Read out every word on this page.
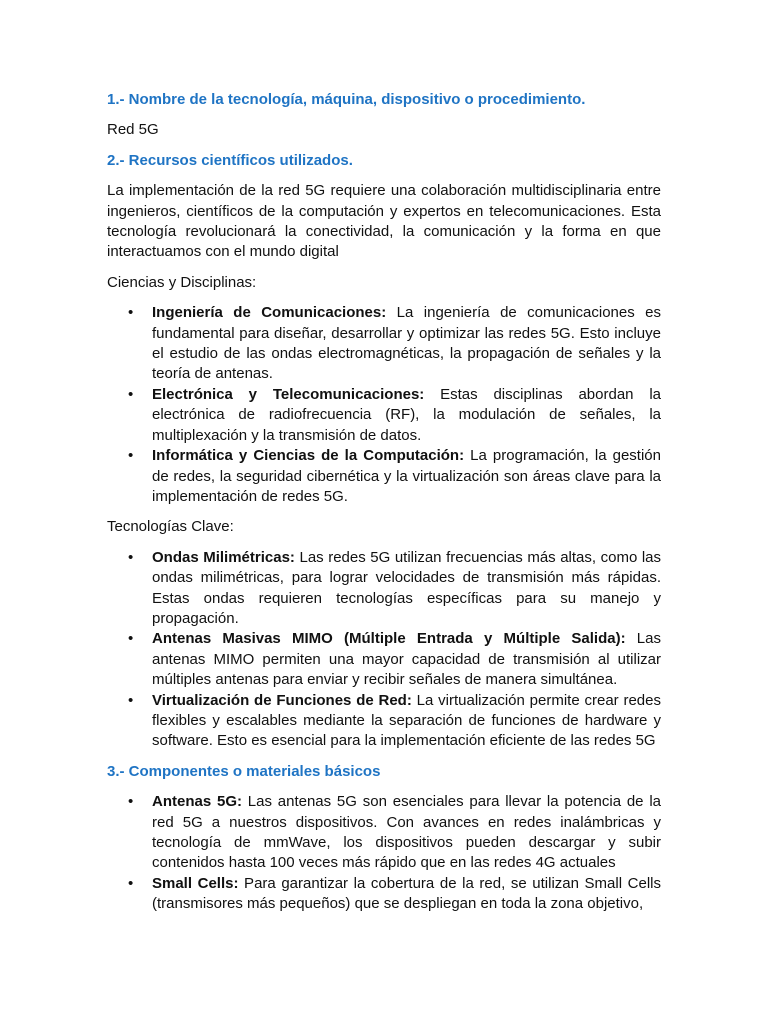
1.- Nombre de la tecnología, máquina, dispositivo o procedimiento.

Red 5G

2.- Recursos científicos utilizados.

La implementación de la red 5G requiere una colaboración multidisciplinaria entre ingenieros, científicos de la computación y expertos en telecomunicaciones. Esta tecnología revolucionará la conectividad, la comunicación y la forma en que interactuamos con el mundo digital

Ciencias y Disciplinas:

• Ingeniería de Comunicaciones: La ingeniería de comunicaciones es fundamental para diseñar, desarrollar y optimizar las redes 5G. Esto incluye el estudio de las ondas electromagnéticas, la propagación de señales y la teoría de antenas.
• Electrónica y Telecomunicaciones: Estas disciplinas abordan la electrónica de radiofrecuencia (RF), la modulación de señales, la multiplexación y la transmisión de datos.
• Informática y Ciencias de la Computación: La programación, la gestión de redes, la seguridad cibernética y la virtualización son áreas clave para la implementación de redes 5G.

Tecnologías Clave:

• Ondas Milimétricas: Las redes 5G utilizan frecuencias más altas, como las ondas milimétricas, para lograr velocidades de transmisión más rápidas. Estas ondas requieren tecnologías específicas para su manejo y propagación.
• Antenas Masivas MIMO (Múltiple Entrada y Múltiple Salida): Las antenas MIMO permiten una mayor capacidad de transmisión al utilizar múltiples antenas para enviar y recibir señales de manera simultánea.
• Virtualización de Funciones de Red: La virtualización permite crear redes flexibles y escalables mediante la separación de funciones de hardware y software. Esto es esencial para la implementación eficiente de las redes 5G

3.- Componentes o materiales básicos

• Antenas 5G: Las antenas 5G son esenciales para llevar la potencia de la red 5G a nuestros dispositivos. Con avances en redes inalámbricas y tecnología de mmWave, los dispositivos pueden descargar y subir contenidos hasta 100 veces más rápido que en las redes 4G actuales
• Small Cells: Para garantizar la cobertura de la red, se utilizan Small Cells (transmisores más pequeños) que se despliegan en toda la zona objetivo,
